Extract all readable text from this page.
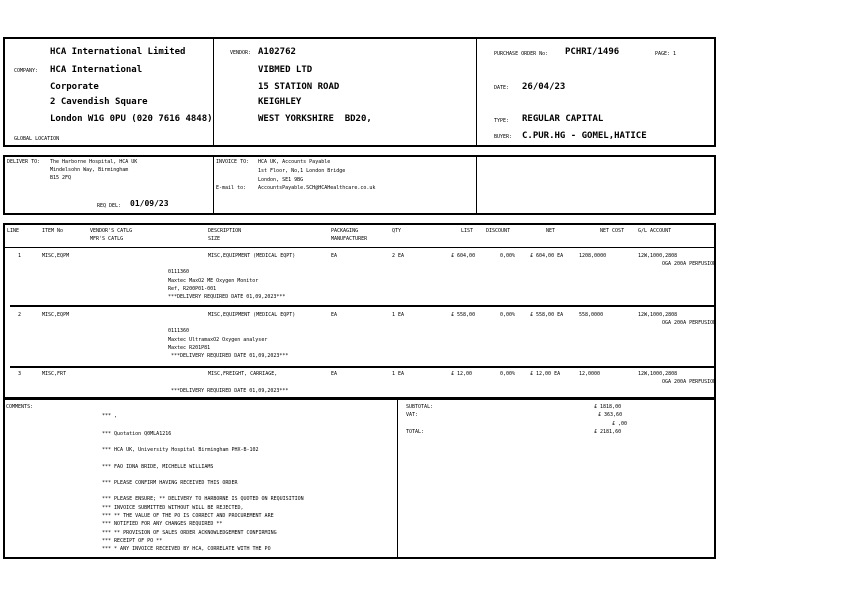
HCA International Limited
COMPANY: HCA International
Corporate
2 Cavendish Square
London W1G 0PU (020 7616 4848)
GLOBAL LOCATION
VENDOR: A102762
VIBMED LTD
15 STATION ROAD
KEIGHLEY
WEST YORKSHIRE  BD20,
PURCHASE ORDER No: PCHRI/1496	PAGE: 1
DATE: 26/04/23
TYPE: REGULAR CAPITAL
BUYER: C.PUR.HG - GOMEL,HATICE
DELIVER TO: The Harborne Hospital, HCA UK
Mindelsohn Way, Birmingham
B15 2FQ
REQ DEL: 01/09/23
INVOICE TO: HCA UK, Accounts Payable
1st Floor, No,1 London Bridge
London, SE1 9BG
E-mail to: AccountsPayable.SCH@HCAHealthcare.co.uk
LINE	ITEM No	VENDOR'S CATLG
MFR'S CATLG
DESCRIPTION
SIZE
PACKAGING
MANUFACTURER
QTY	LIST	DISCOUNT	NET	NET COST	G/L ACCOUNT
1	MISC,EQPM	MISC,EQUIPMENT (MEDICAL EQPT)	EA	2 EA	£ 604,00	0,00%	£ 604,00 EA	1208,0000	12W,1000,2808
OGA 200A PERFUSION
0111360
Maxtec MaxO2 ME Oxygen Monitor
Ref, R200P01-001
***DELIVERY REQUIRED DATE 01,09,2023***
2	MISC,EQPM	MISC,EQUIPMENT (MEDICAL EQPT)	EA	1 EA	£ 558,00	0,00%	£ 558,00 EA	558,0000	12W,1000,2808
OGA 200A PERFUSION
0111360
Maxtec UltramaxO2 Oxygen analyser
Maxtec R201P81
***DELIVERY REQUIRED DATE 01,09,2023***
3	MISC,FRT	MISC,FREIGHT, CARRIAGE,	EA	1 EA	£ 12,00	0,00%	£ 12,00 EA	12,0000	12W,1000,2808
OGA 200A PERFUSION
***DELIVERY REQUIRED DATE 01,09,2023***
COMMENTS:
*** ,
*** Quotation Q0MLA1216
*** HCA UK, University Hospital Birmingham PHX-B-102
*** FAO IDNA BRIDE, MICHELLE WILLIAMS
*** PLEASE CONFIRM HAVING RECEIVED THIS ORDER
*** PLEASE ENSURE; ** DELIVERY TO HARBORNE IS QUOTED ON REQUISITION
*** INVOICE SUBMITTED WITHOUT WILL BE REJECTED,
*** ** THE VALUE OF THE PO IS CORRECT AND PROCUREMENT ARE
*** NOTIFIED FOR ANY CHANGES REQUIRED **
*** ** PROVISION OF SALES ORDER ACKNOWLEDGEMENT CONFIRMING
*** RECEIPT OF PO **
*** * ANY INVOICE RECEIVED BY HCA, CORRELATE WITH THE PO
SUBTOTAL:	£ 1818,00
VAT:	£ 363,60
£ ,00
TOTAL:	£ 2181,60
